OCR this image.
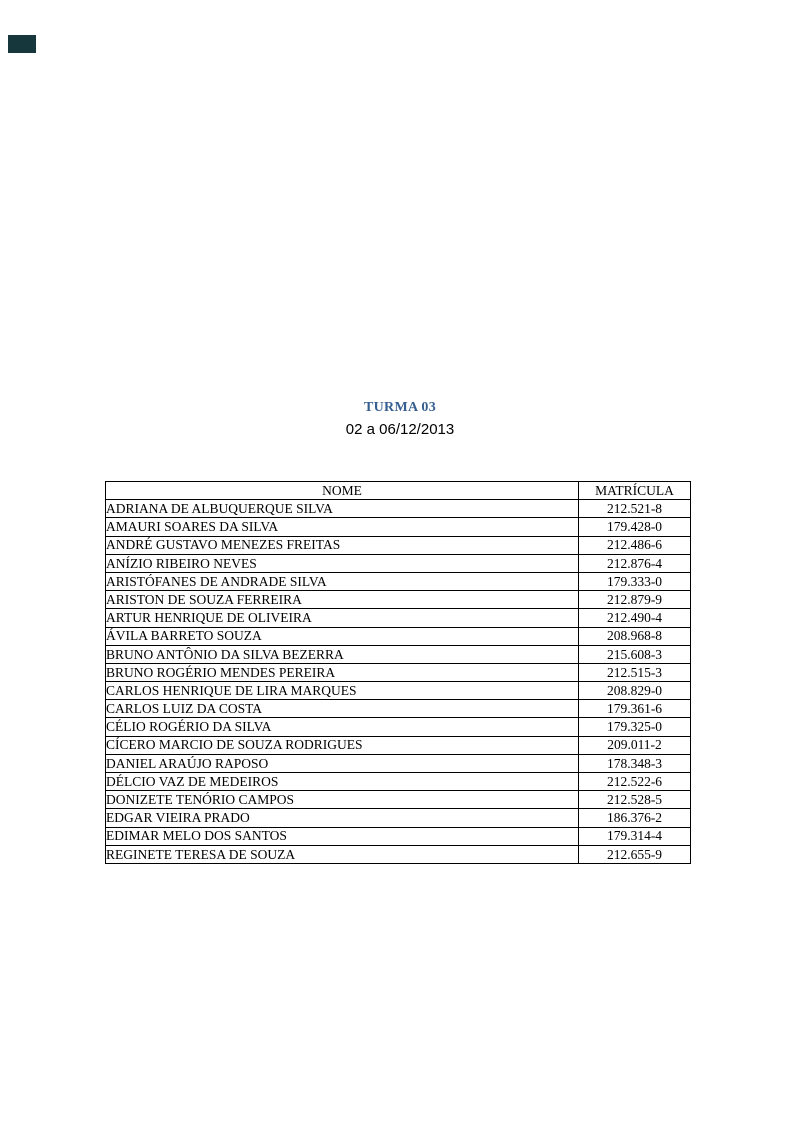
TURMA 03
02 a 06/12/2013
NOME	MATRÍCULA
ADRIANA DE ALBUQUERQUE SILVA	212.521-8
AMAURI SOARES DA SILVA	179.428-0
ANDRÉ GUSTAVO MENEZES FREITAS	212.486-6
ANÍZIO RIBEIRO NEVES	212.876-4
ARISTÓFANES DE ANDRADE SILVA	179.333-0
ARISTON DE SOUZA FERREIRA	212.879-9
ARTUR HENRIQUE DE OLIVEIRA	212.490-4
ÁVILA BARRETO SOUZA	208.968-8
BRUNO ANTÔNIO DA SILVA BEZERRA	215.608-3
BRUNO ROGÉRIO MENDES PEREIRA	212.515-3
CARLOS HENRIQUE DE LIRA MARQUES	208.829-0
CARLOS LUIZ DA COSTA	179.361-6
CÉLIO ROGÉRIO DA SILVA	179.325-0
CÍCERO MARCIO DE SOUZA RODRIGUES	209.011-2
DANIEL ARAÚJO RAPOSO	178.348-3
DÉLCIO VAZ DE MEDEIROS	212.522-6
DONIZETE TENÓRIO CAMPOS	212.528-5
EDGAR VIEIRA PRADO	186.376-2
EDIMAR MELO DOS SANTOS	179.314-4
REGINETE TERESA DE SOUZA	212.655-9
